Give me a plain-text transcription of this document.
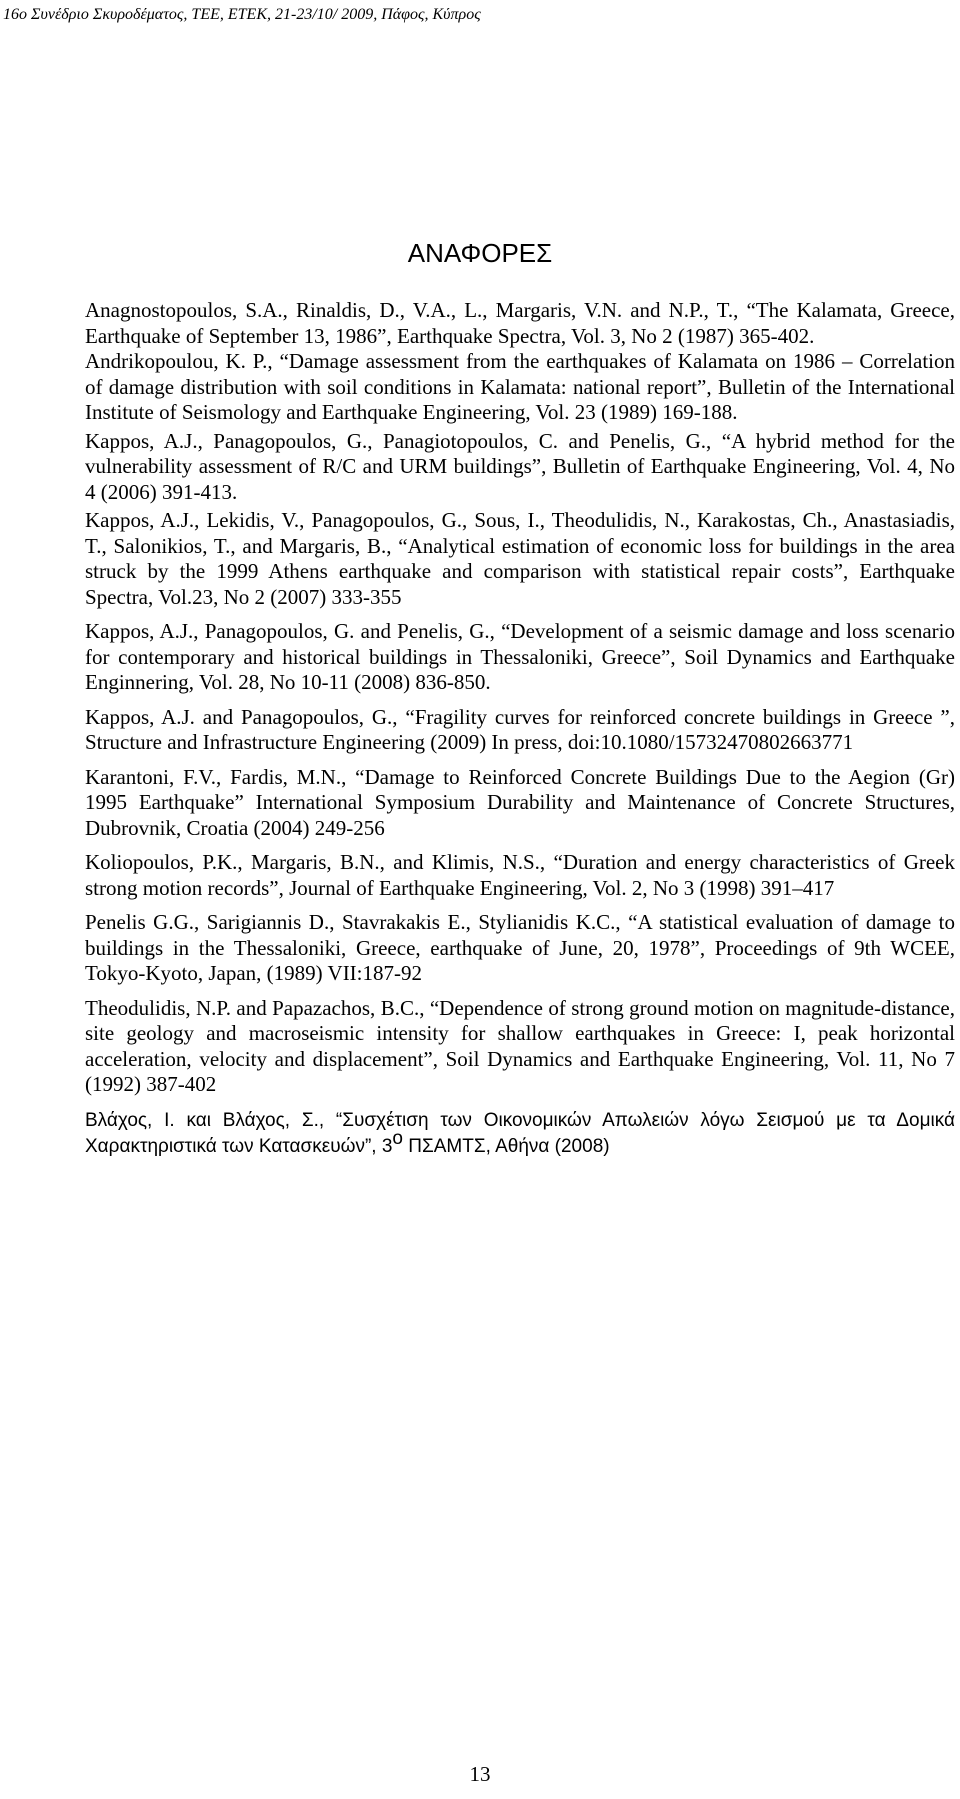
16ο Συνέδριο Σκυροδέματος, ΤΕΕ, ΕΤΕΚ, 21-23/10/ 2009, Πάφος, Κύπρος
ΑΝΑΦΟΡΕΣ

Anagnostopoulos, S.A., Rinaldis, D., V.A., L., Margaris, V.N. and N.P., T., “The Kalamata, Greece, Earthquake of September 13, 1986”, Earthquake Spectra, Vol. 3, No 2 (1987) 365-402.

Andrikopoulou, K. P., “Damage assessment from the earthquakes of Kalamata on 1986 – Correlation of damage distribution with soil conditions in Kalamata: national report”, Bulletin of the International Institute of Seismology and Earthquake Engineering, Vol. 23 (1989) 169-188.

Kappos, A.J., Panagopoulos, G., Panagiotopoulos, C. and Penelis, G., “A hybrid method for the vulnerability assessment of R/C and URM buildings”, Bulletin of Earthquake Engineering, Vol. 4, No 4 (2006) 391-413.

Kappos, A.J., Lekidis, V., Panagopoulos, G., Sous, I., Theodulidis, N., Karakostas, Ch., Anastasiadis, T., Salonikios, T., and Margaris, B., “Analytical estimation of economic loss for buildings in the area struck by the 1999 Athens earthquake and comparison with statistical repair costs”, Earthquake Spectra, Vol.23, No 2 (2007) 333-355

Kappos, A.J., Panagopoulos, G. and Penelis, G., “Development of a seismic damage and loss scenario for contemporary and historical buildings in Thessaloniki, Greece”, Soil Dynamics and Earthquake Enginnering, Vol. 28, No 10-11 (2008) 836-850.

Kappos, A.J. and Panagopoulos, G., “Fragility curves for reinforced concrete buildings in Greece ”, Structure and Infrastructure Engineering (2009) In press, doi:10.1080/15732470802663771

Karantoni, F.V., Fardis, M.N., “Damage to Reinforced Concrete Buildings Due to the Aegion (Gr) 1995 Earthquake” International Symposium Durability and Maintenance of Concrete Structures, Dubrovnik, Croatia (2004) 249-256

Koliopoulos, P.K., Margaris, B.N., and Klimis, N.S., “Duration and energy characteristics of Greek strong motion records”, Journal of Earthquake Engineering, Vol. 2, No 3 (1998) 391–417

Penelis G.G., Sarigiannis D., Stavrakakis E., Stylianidis K.C., “A statistical evaluation of damage to buildings in the Thessaloniki, Greece, earthquake of June, 20, 1978”, Proceedings of 9th WCEE, Tokyo-Kyoto, Japan, (1989) VII:187-92

Theodulidis, N.P. and Papazachos, B.C., “Dependence of strong ground motion on magnitude-distance, site geology and macroseismic intensity for shallow earthquakes in Greece: I, peak horizontal acceleration, velocity and displacement”, Soil Dynamics and Earthquake Engineering, Vol. 11, No 7 (1992) 387-402

Βλάχος, Ι. και Βλάχος, Σ., “Συσχέτιση των Οικονομικών Απωλειών λόγω Σεισμού με τα Δομικά Χαρακτηριστικά των Κατασκευών”, $3^o$ ΠΣΑΜΤΣ, Αθήνα (2008)

13
